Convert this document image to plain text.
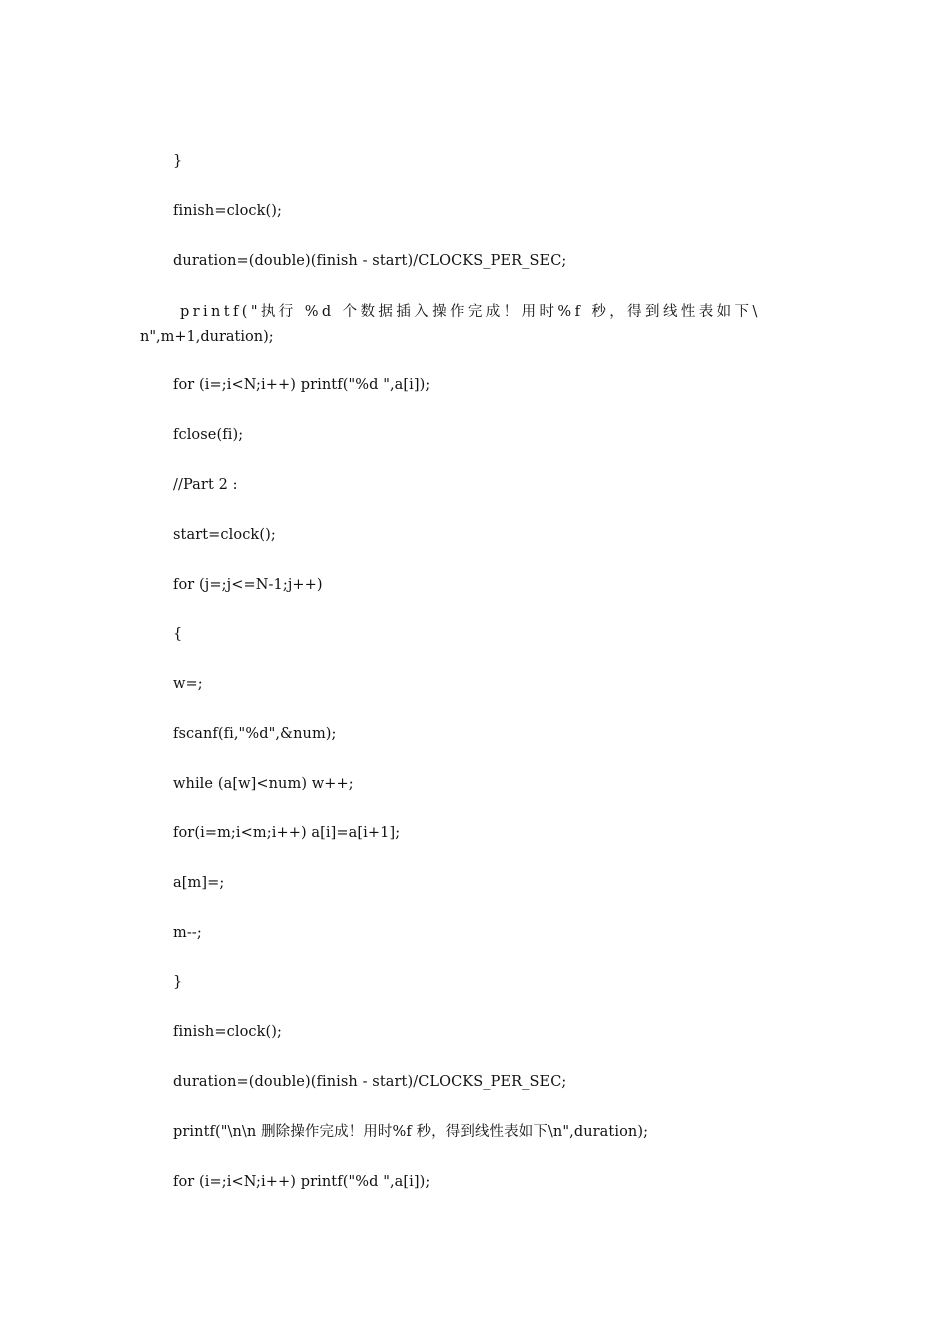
}
finish=clock();
duration=(double)(finish - start)/CLOCKS_PER_SEC;
printf("执行 %d 个数据插入操作完成！用时%f 秒，得到线性表如下\
n",m+1,duration);
for (i=;i<N;i++) printf("%d ",a[i]);
fclose(fi);
//Part 2 :
start=clock();
for (j=;j<=N-1;j++)
{
w=;
fscanf(fi,"%d",&num);
while (a[w]<num) w++;
for(i=m;i<m;i++) a[i]=a[i+1];
a[m]=;
m--;
}
finish=clock();
duration=(double)(finish - start)/CLOCKS_PER_SEC;
printf("\n\n 删除操作完成！用时%f 秒，得到线性表如下\n",duration);
for (i=;i<N;i++) printf("%d ",a[i]);
